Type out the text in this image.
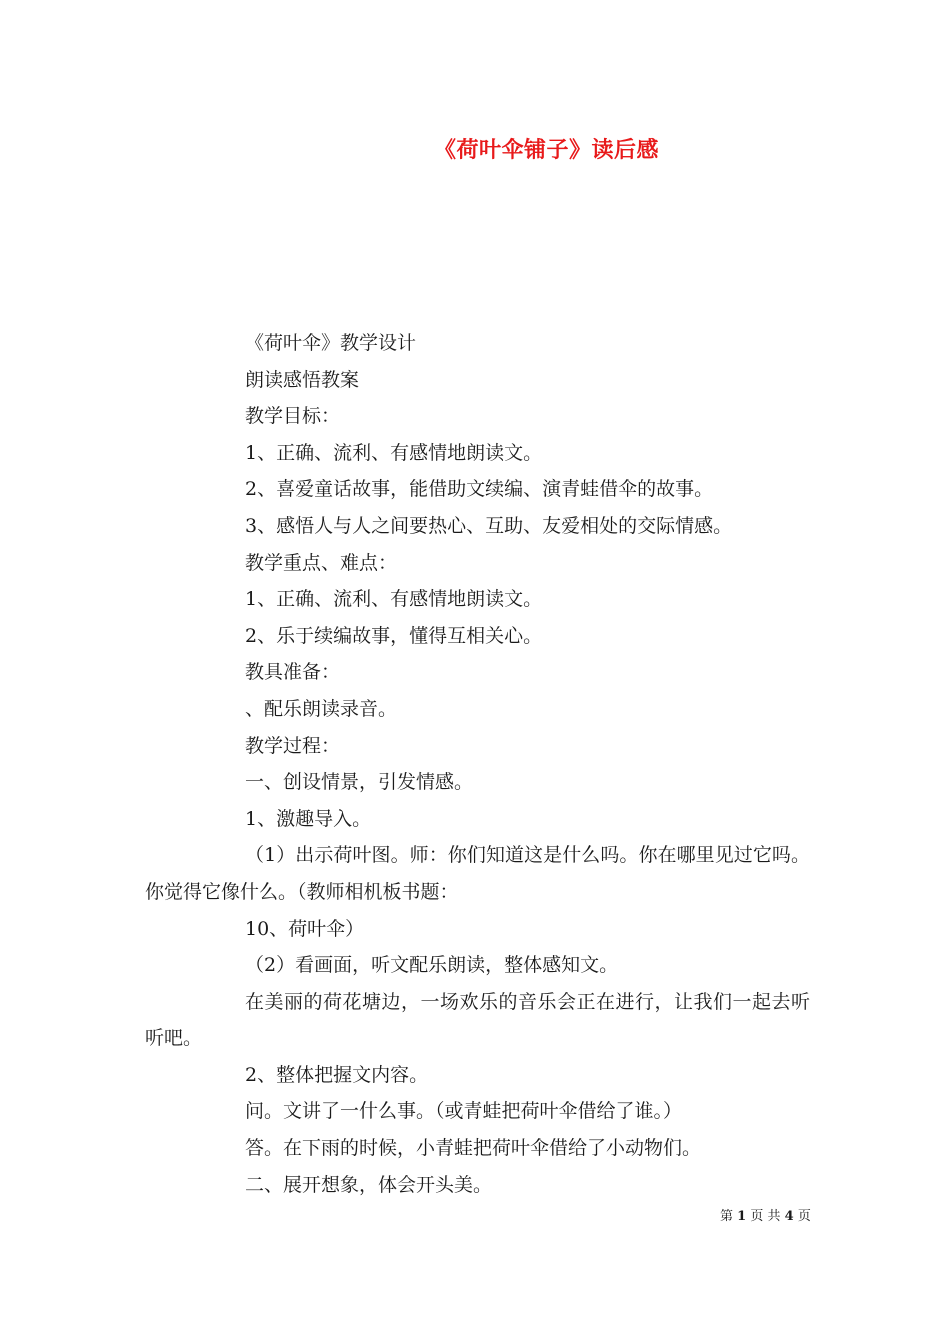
《荷叶伞铺子》读后感

《荷叶伞》教学设计

朗读感悟教案

教学目标：

1、正确、流利、有感情地朗读文。

2、喜爱童话故事，能借助文续编、演青蛙借伞的故事。

3、感悟人与人之间要热心、互助、友爱相处的交际情感。

教学重点、难点：

1、正确、流利、有感情地朗读文。

2、乐于续编故事，懂得互相关心。

教具准备：

、配乐朗读录音。

教学过程：

一、创设情景，引发情感。

1、激趣导入。

（1）出示荷叶图。师：你们知道这是什么吗。你在哪里见过它吗。你觉得它像什么。（教师相机板书题：

10、荷叶伞）

（2）看画面，听文配乐朗读，整体感知文。

在美丽的荷花塘边，一场欢乐的音乐会正在进行，让我们一起去听听吧。

2、整体把握文内容。

问。文讲了一什么事。（或青蛙把荷叶伞借给了谁。）

答。在下雨的时候，小青蛙把荷叶伞借给了小动物们。

二、展开想象，体会开头美。

第 1 页 共 4 页
